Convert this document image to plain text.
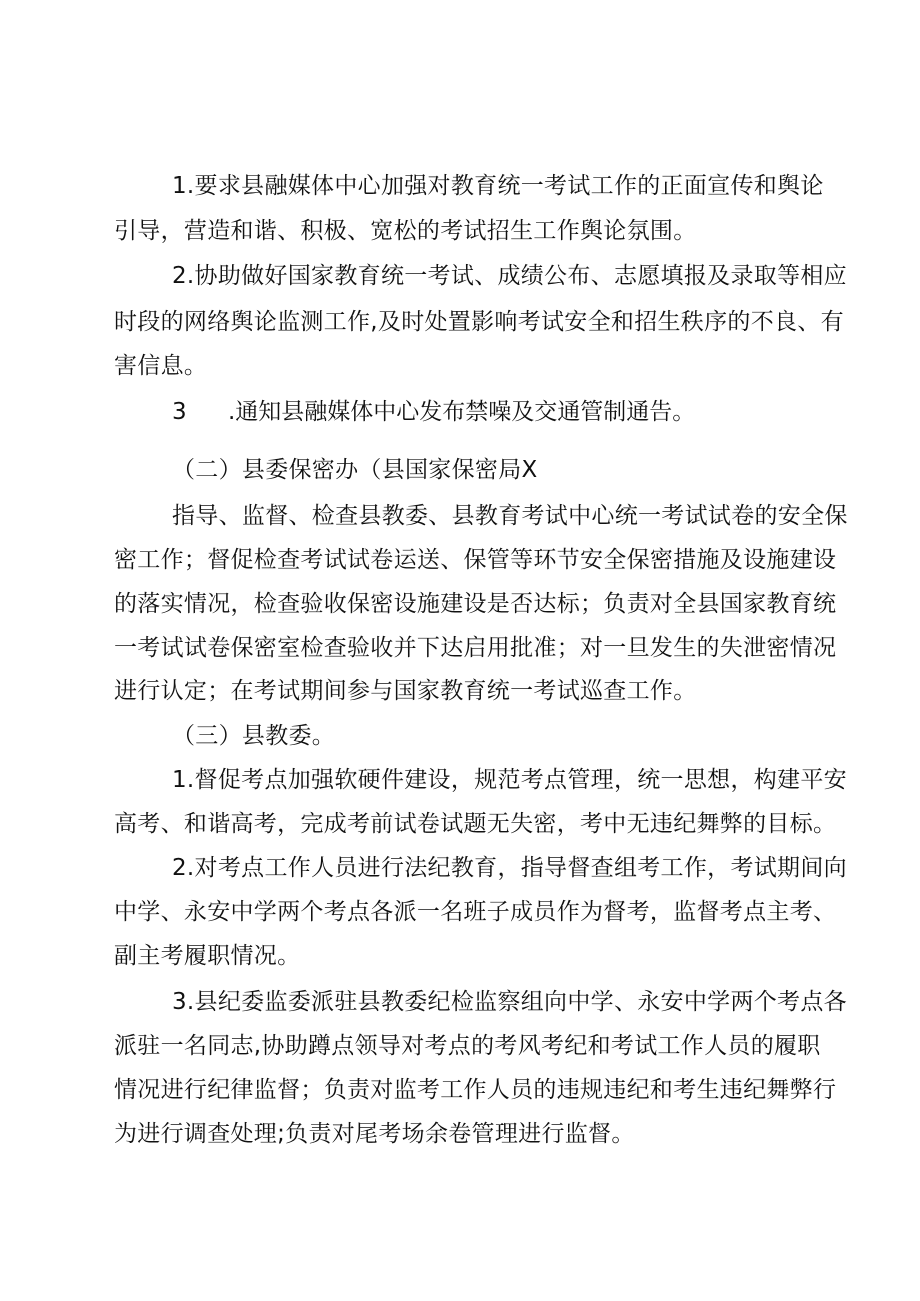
1.要求县融媒体中心加强对教育统一考试工作的正面宣传和舆论
引导，营造和谐、积极、宽松的考试招生工作舆论氛围。
2.协助做好国家教育统一考试、成绩公布、志愿填报及录取等相应
时段的网络舆论监测工作,及时处置影响考试安全和招生秩序的不良、有
害信息。
3 .通知县融媒体中心发布禁噪及交通管制通告。
（二）县委保密办（县国家保密局X
指导、监督、检查县教委、县教育考试中心统一考试试卷的安全保
密工作；督促检查考试试卷运送、保管等环节安全保密措施及设施建设
的落实情况，检查验收保密设施建设是否达标；负责对全县国家教育统
一考试试卷保密室检查验收并下达启用批准；对一旦发生的失泄密情况
进行认定；在考试期间参与国家教育统一考试巡查工作。
（三）县教委。
1.督促考点加强软硬件建设，规范考点管理，统一思想，构建平安
高考、和谐高考，完成考前试卷试题无失密，考中无违纪舞弊的目标。
2.对考点工作人员进行法纪教育，指导督查组考工作，考试期间向
中学、永安中学两个考点各派一名班子成员作为督考，监督考点主考、
副主考履职情况。
3.县纪委监委派驻县教委纪检监察组向中学、永安中学两个考点各
派驻一名同志,协助蹲点领导对考点的考风考纪和考试工作人员的履职
情况进行纪律监督；负责对监考工作人员的违规违纪和考生违纪舞弊行
为进行调查处理;负责对尾考场余卷管理进行监督。
